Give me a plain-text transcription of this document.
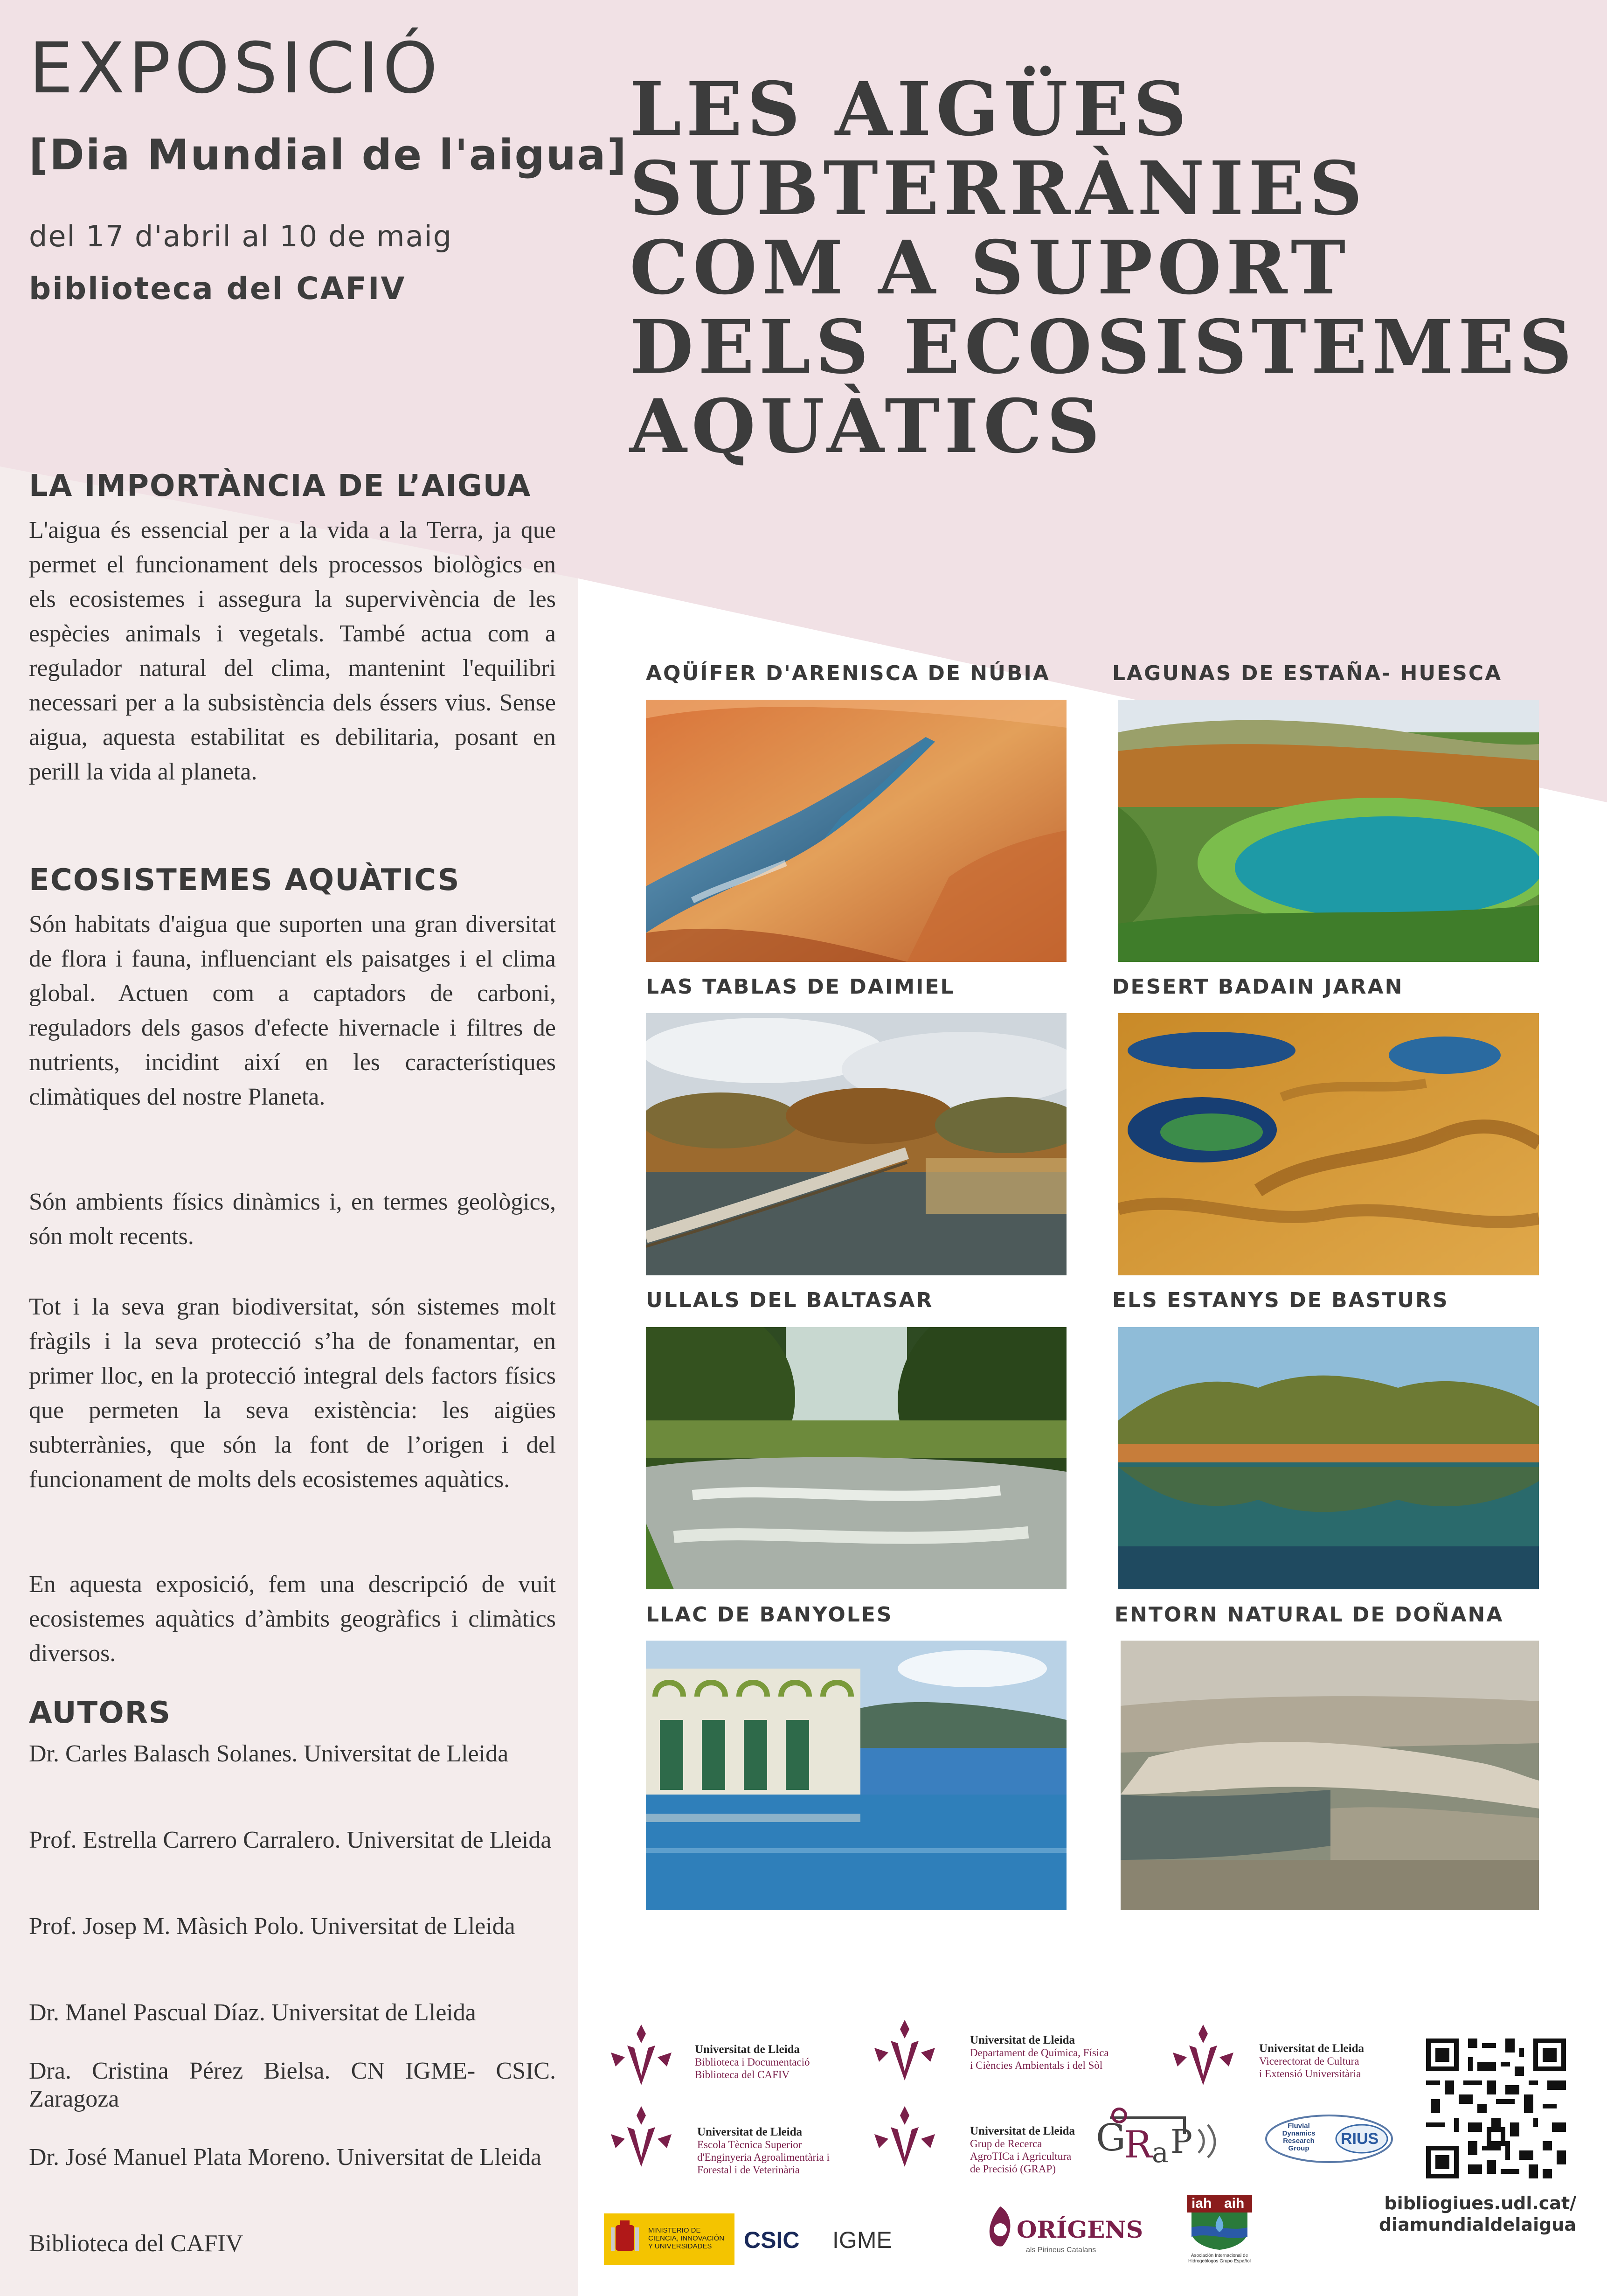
EXPOSICIÓ
[Dia Mundial de l'aigua]
del 17 d'abril al 10 de maig
biblioteca del CAFIV
LES AIGÜES
SUBTERRÀNIES
COM A SUPORT
DELS ECOSISTEMES
AQUÀTICS
LA IMPORTÀNCIA DE L’AIGUA
L'aigua és essencial per a la vida a la Terra, ja que permet el funcionament dels processos biològics en els ecosistemes i assegura la supervivència de les espècies animals i vegetals. També actua com a regulador natural del clima, mantenint l'equilibri necessari per a la subsistència dels éssers vius. Sense aigua, aquesta estabilitat es debilitaria, posant en perill la vida al planeta.
ECOSISTEMES AQUÀTICS
Són habitats d'aigua que suporten una gran diversitat de flora i fauna, influenciant els paisatges i el clima global. Actuen com a captadors de carboni, reguladors dels gasos d'efecte hivernacle i filtres de nutrients, incidint així en les característiques climàtiques del nostre Planeta.
Són ambients físics dinàmics i, en termes geològics, són molt recents.
Tot i la seva gran biodiversitat, són sistemes molt fràgils i la seva protecció s’ha de fonamentar, en primer lloc, en la protecció integral dels factors físics que permeten la seva existència: les aigües subterrànies, que són la font de l’origen i del funcionament de molts dels ecosistemes aquàtics.
En aquesta exposició, fem una descripció de vuit ecosistemes aquàtics d’àmbits geogràfics i climàtics diversos.
AUTORS
Dr. Carles Balasch Solanes. Universitat de Lleida
Prof. Estrella Carrero Carralero. Universitat de Lleida
Prof. Josep M. Màsich Polo. Universitat de Lleida
Dr. Manel Pascual Díaz. Universitat de Lleida
Dra. Cristina Pérez Bielsa. CN IGME- CSIC. Zaragoza
Dr. José Manuel Plata Moreno. Universitat de Lleida
Biblioteca del CAFIV
AQÜÍFER D'ARENISCA DE NÚBIA	LAGUNAS DE ESTAÑA- HUESCA
LAS TABLAS DE DAIMIEL	DESERT BADAIN JARAN
ULLALS DEL BALTASAR	ELS ESTANYS DE BASTURS
LLAC DE BANYOLES	ENTORN NATURAL DE DOÑANA
Universitat de Lleida
Biblioteca i Documentació
Biblioteca del CAFIV
Universitat de Lleida
Departament de Química, Física
i Ciències Ambientals i del Sòl
Universitat de Lleida
Vicerectorat de Cultura
i Extensió Universitària
Universitat de Lleida
Escola Tècnica Superior
d'Enginyeria Agroalimentària i
Forestal i de Veterinària
Universitat de Lleida
Grup de Recerca
AgroTICa i Agricultura
de Precisió (GRAP)
G
R a P	Fluvial
Dynamics
Research
Group
RIUS
bibliogiues.udl.cat/
diamundialdelaigua
MINISTERIO DE CIENCIA, INNOVACIÓN Y UNIVERSIDADES	CSIC IGME	ORÍGENS
als Pirineus Catalans
iah aih
Asociación Internacional de Hidrogeólogos Grupo Español
